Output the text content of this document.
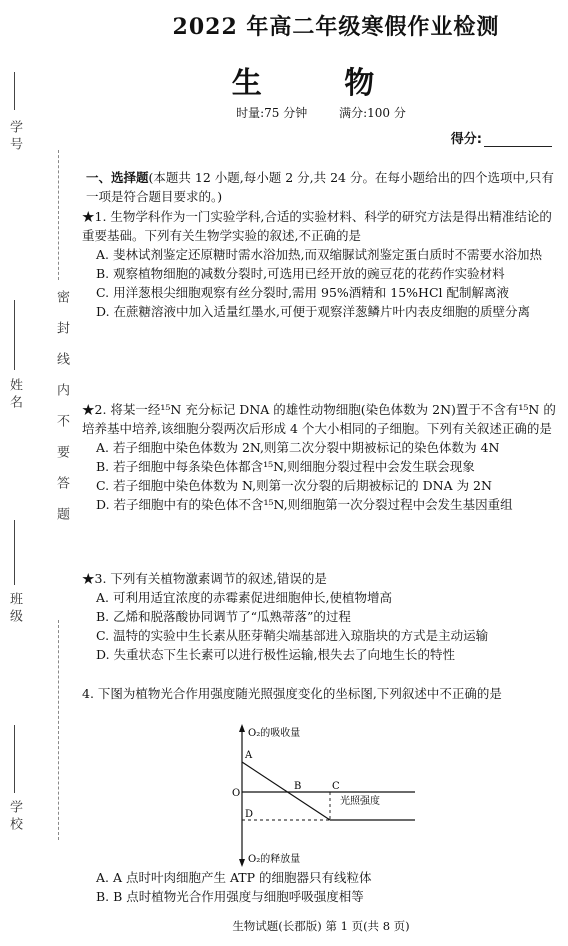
学 号
姓 名
班 级
学 校
密封线内不要答题
2022 年高二年级寒假作业检测
生 物
时量:75 分钟	满分:100 分
得分:
一、选择题(本题共 12 小题,每小题 2 分,共 24 分。在每小题给出的四个选项中,只有一项是符合题目要求的。)
★1. 生物学科作为一门实验学科,合适的实验材料、科学的研究方法是得出精准结论的重要基础。下列有关生物学实验的叙述,不正确的是
A. 斐林试剂鉴定还原糖时需水浴加热,而双缩脲试剂鉴定蛋白质时不需要水浴加热
B. 观察植物细胞的减数分裂时,可选用已经开放的豌豆花的花药作实验材料
C. 用洋葱根尖细胞观察有丝分裂时,需用 95%酒精和 15%HCl 配制解离液
D. 在蔗糖溶液中加入适量红墨水,可便于观察洋葱鳞片叶内表皮细胞的质壁分离
★2. 将某一经¹⁵N 充分标记 DNA 的雄性动物细胞(染色体数为 2N)置于不含有¹⁵N 的培养基中培养,该细胞分裂两次后形成 4 个大小相同的子细胞。下列有关叙述正确的是
A. 若子细胞中染色体数为 2N,则第二次分裂中期被标记的染色体数为 4N
B. 若子细胞中每条染色体都含¹⁵N,则细胞分裂过程中会发生联会现象
C. 若子细胞中染色体数为 N,则第一次分裂的后期被标记的 DNA 为 2N
D. 若子细胞中有的染色体不含¹⁵N,则细胞第一次分裂过程中会发生基因重组
★3. 下列有关植物激素调节的叙述,错误的是
A. 可利用适宜浓度的赤霉素促进细胞伸长,使植物增高
B. 乙烯和脱落酸协同调节了“瓜熟蒂落”的过程
C. 温特的实验中生长素从胚芽鞘尖端基部进入琼脂块的方式是主动运输
D. 失重状态下生长素可以进行极性运输,根失去了向地生长的特性
4. 下图为植物光合作用强度随光照强度变化的坐标图,下列叙述中不正确的是
O₂的吸收量
O₂的释放量
光照强度
O
A
B	C
D
A. A 点时叶肉细胞产生 ATP 的细胞器只有线粒体
B. B 点时植物光合作用强度与细胞呼吸强度相等
生物试题(长郡版) 第 1 页(共 8 页)
